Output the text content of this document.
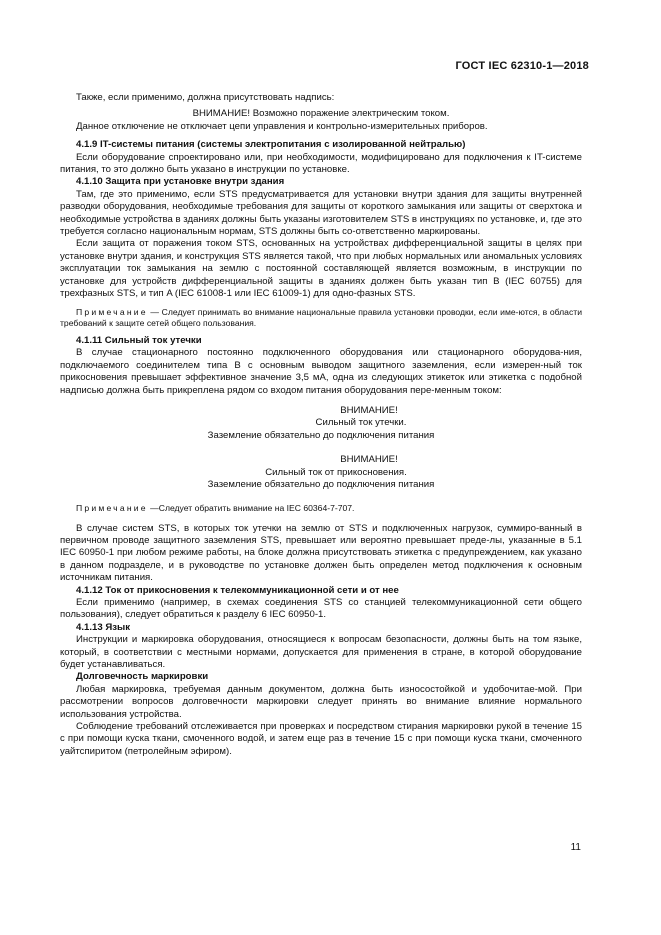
ГОСТ IEC 62310-1—2018

Также, если применимо, должна присутствовать надпись:

ВНИМАНИЕ! Возможно поражение электрическим током.

Данное отключение не отключает цепи управления и контрольно-измерительных приборов.

4.1.9 IT-системы питания (системы электропитания с изолированной нейтралью)

Если оборудование спроектировано или, при необходимости, модифицировано для подключения к IT-системе питания, то это должно быть указано в инструкции по установке.

4.1.10 Защита при установке внутри здания

Там, где это применимо, если STS предусматривается для установки внутри здания для защиты внутренней разводки оборудования, необходимые требования для защиты от короткого замыкания или защиты от сверхтока и необходимые устройства в зданиях должны быть указаны изготовителем STS в инструкциях по установке, и, где это требуется согласно национальным нормам, STS должны быть со-ответственно маркированы.

Если защита от поражения током STS, основанных на устройствах дифференциальной защиты в целях при установке внутри здания, и конструкция STS является такой, что при любых нормальных или аномальных условиях эксплуатации ток замыкания на землю с постоянной составляющей является возможным, в инструкции по установке для устройств дифференциальной защиты в зданиях должен быть указан тип B (IEC 60755) для трехфазных STS, и тип A (IEC 61008-1 или IEC 61009-1) для одно-фазных STS.

Примечание — Следует принимать во внимание национальные правила установки проводки, если име-ются, в области требований к защите сетей общего пользования.

4.1.11 Сильный ток утечки

В случае стационарного постоянно подключенного оборудования или стационарного оборудова-ния, подключаемого соединителем типа B с основным выводом защитного заземления, если измерен-ный ток прикосновения превышает эффективное значение 3,5 мА, одна из следующих этикеток или этикетка с подобной надписью должна быть прикреплена рядом со входом питания оборудования пере-менным током:

ВНИМАНИЕ!
Сильный ток утечки.
Заземление обязательно до подключения питания
ВНИМАНИЕ!
Сильный ток от прикосновения.
Заземление обязательно до подключения питания

Примечание —Следует обратить внимание на IEC 60364-7-707.

В случае систем STS, в которых ток утечки на землю от STS и подключенных нагрузок, суммиро-ванный в первичном проводе защитного заземления STS, превышает или вероятно превышает преде-лы, указанные в 5.1 IEC 60950-1 при любом режиме работы, на блоке должна присутствовать этикетка с предупреждением, как указано в данном подразделе, и в руководстве по установке должен быть определен метод подключения к основным источникам питания.

4.1.12 Ток от прикосновения к телекоммуникационной сети и от нее

Если применимо (например, в схемах соединения STS со станцией телекоммуникационной сети общего пользования), следует обратиться к разделу 6 IEC 60950-1.

4.1.13 Язык

Инструкции и маркировка оборудования, относящиеся к вопросам безопасности, должны быть на том языке, который, в соответствии с местными нормами, допускается для применения в стране, в которой оборудование будет устанавливаться.

Долговечность маркировки

Любая маркировка, требуемая данным документом, должна быть износостойкой и удобочитае-мой. При рассмотрении вопросов долговечности маркировки следует принять во внимание влияние нормального использования устройства.

Соблюдение требований отслеживается при проверках и посредством стирания маркировки рукой в течение 15 с при помощи куска ткани, смоченного водой, и затем еще раз в течение 15 с при помощи куска ткани, смоченного уайтспиритом (петролейным эфиром).

11
